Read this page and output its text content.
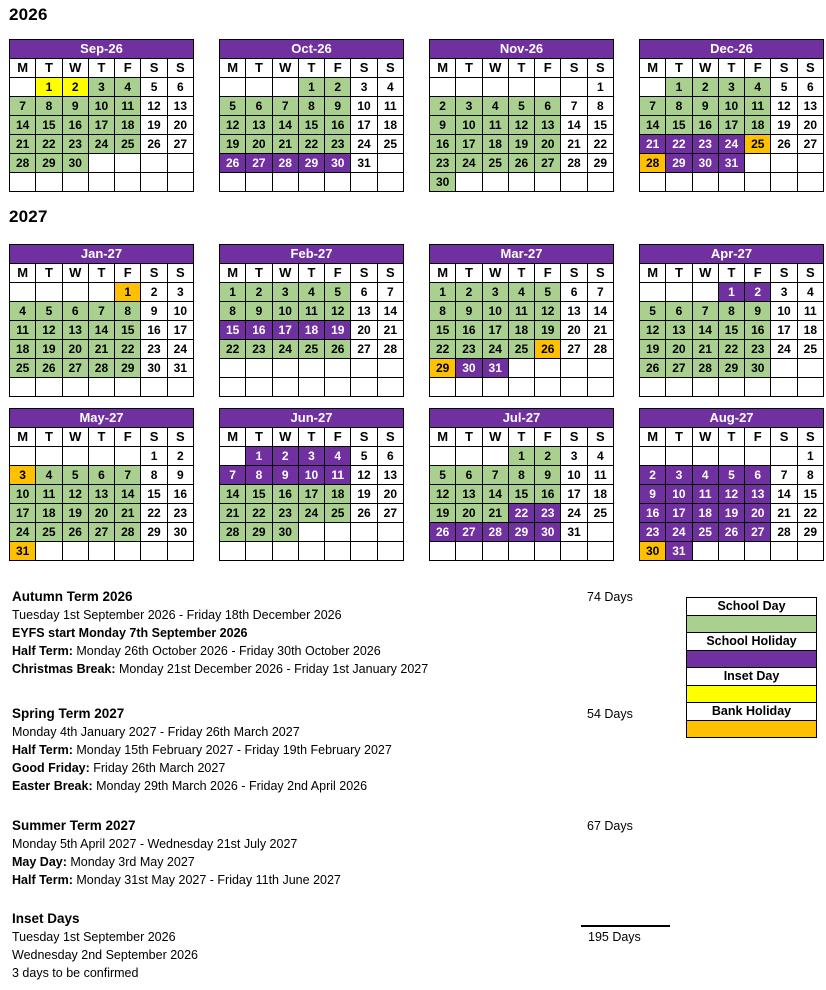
2026
Sep-26						
M	T	W	T	F	S	S
	1	2	3	4	5	6
7	8	9	10	11	12	13
14	15	16	17	18	19	20
21	22	23	24	25	26	27
28	29	30				

Oct-26						
M	T	W	T	F	S	S
			1	2	3	4
5	6	7	8	9	10	11
12	13	14	15	16	17	18
19	20	21	22	23	24	25
26	27	28	29	30	31	

Nov-26						
M	T	W	T	F	S	S
						1
2	3	4	5	6	7	8
9	10	11	12	13	14	15
16	17	18	19	20	21	22
23	24	25	26	27	28	29
30						
Dec-26						
M	T	W	T	F	S	S
	1	2	3	4	5	6
7	8	9	10	11	12	13
14	15	16	17	18	19	20
21	22	23	24	25	26	27
28	29	30	31			

2027
Jan-27						
M	T	W	T	F	S	S
				1	2	3
4	5	6	7	8	9	10
11	12	13	14	15	16	17
18	19	20	21	22	23	24
25	26	27	28	29	30	31

Feb-27						
M	T	W	T	F	S	S
1	2	3	4	5	6	7
8	9	10	11	12	13	14
15	16	17	18	19	20	21
22	23	24	25	26	27	28

Mar-27						
M	T	W	T	F	S	S
1	2	3	4	5	6	7
8	9	10	11	12	13	14
15	16	17	18	19	20	21
22	23	24	25	26	27	28
29	30	31				

Apr-27						
M	T	W	T	F	S	S
			1	2	3	4
5	6	7	8	9	10	11
12	13	14	15	16	17	18
19	20	21	22	23	24	25
26	27	28	29	30		

May-27						
M	T	W	T	F	S	S
					1	2
3	4	5	6	7	8	9
10	11	12	13	14	15	16
17	18	19	20	21	22	23
24	25	26	27	28	29	30
31						
Jun-27						
M	T	W	T	F	S	S
	1	2	3	4	5	6
7	8	9	10	11	12	13
14	15	16	17	18	19	20
21	22	23	24	25	26	27
28	29	30				

Jul-27						
M	T	W	T	F	S	S
			1	2	3	4
5	6	7	8	9	10	11
12	13	14	15	16	17	18
19	20	21	22	23	24	25
26	27	28	29	30	31	

Aug-27						
M	T	W	T	F	S	S
						1
2	3	4	5	6	7	8
9	10	11	12	13	14	15
16	17	18	19	20	21	22
23	24	25	26	27	28	29
30	31					
Autumn Term 2026	74 Days
Tuesday 1st September 2026 - Friday 18th December 2026
EYFS start Monday 7th September 2026
Half Term: Monday 26th October 2026 - Friday 30th October 2026
Christmas Break: Monday 21st December 2026 - Friday 1st January 2027
Spring Term 2027	54 Days
Monday 4th January 2027 - Friday 26th March 2027
Half Term: Monday 15th February 2027 - Friday 19th February 2027
Good Friday: Friday 26th March 2027
Easter Break: Monday 29th March 2026 - Friday 2nd April 2026
Summer Term 2027	67 Days
Monday 5th April 2027 - Wednesday 21st July 2027
May Day: Monday 3rd May 2027
Half Term: Monday 31st May 2027 - Friday 11th June 2027
Inset Days
Tuesday 1st September 2026
Wednesday 2nd September 2026
3 days to be confirmed
School Day

School Holiday

Inset Day

Bank Holiday

195 Days
